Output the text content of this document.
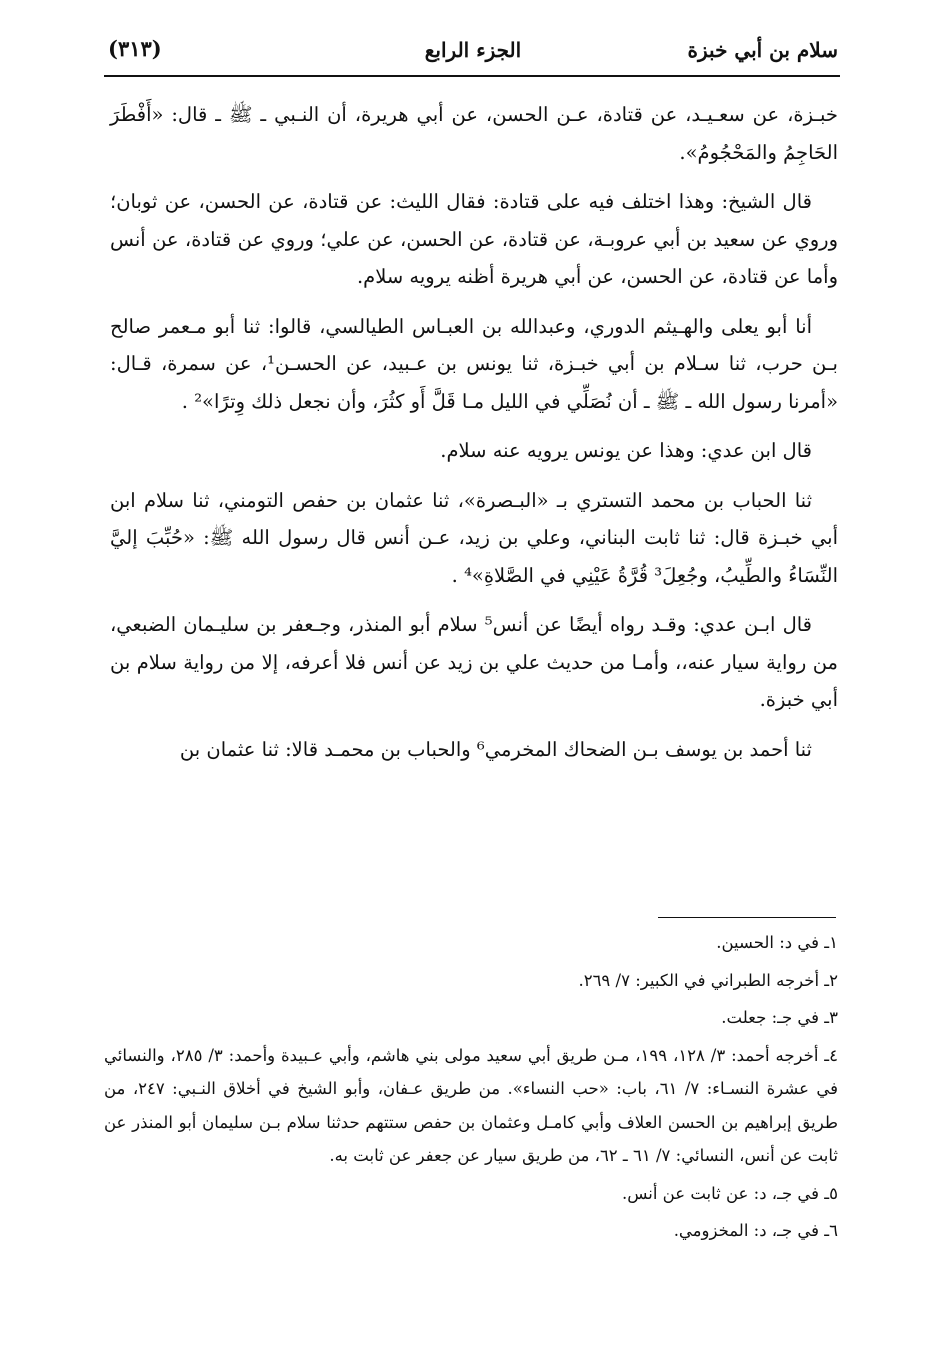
سلام بن أبي خبزة
الجزء الرابع
(٣١٣)

خبـزة، عن سعـيـد، عن قتادة، عـن الحسن، عن أبي هريرة، أن النـبي ـ ﷺ ـ قال: «أَفْطَرَ الحَاجِمُ والمَحْجُومُ».

قال الشيخ: وهذا اختلف فيه على قتادة: فقال الليث: عن قتادة، عن الحسن، عن ثوبان؛ وروي عن سعيد بن أبي عروبـة، عن قتادة، عن الحسن، عن علي؛ وروي عن قتادة، عن أنس وأما عن قتادة، عن الحسن، عن أبي هريرة أظنه يرويه سلام.

أنا أبو يعلى والهـيثم الدوري، وعبدالله بن العبـاس الطيالسي، قالوا: ثنا أبو مـعمر صالح بـن حرب، ثنا سـلام بن أبي خبـزة، ثنا يونس بن عـبيد، عن الحسـن¹، عن سمرة، قـال: «أمرنا رسول الله ـ ﷺ ـ أن نُصَلِّي في الليل مـا قَلَّ أَو كثُرَ، وأن نجعل ذلك وِترًا»² .

قال ابن عدي: وهذا عن يونس يرويه عنه سلام.

ثنا الحباب بن محمد التستري بـ «البـصرة»، ثنا عثمان بن حفص التومني، ثنا سلام ابن أبي خبـزة قال: ثنا ثابت البناني، وعلي بن زيد، عـن أنس قال رسول الله ﷺ: «حُبِّبَ إليَّ النِّسَاءُ والطِّيبُ، وجُعِلَ³ قُرَّةُ عَيْنِي في الصَّلاةِ»⁴ .

قال ابـن عدي: وقـد رواه أيضًا عن أنس⁵ سلام أبو المنذر، وجـعفر بن سليـمان الضبعي، من رواية سيار عنه،، وأمـا من حديث علي بن زيد عن أنس فلا أعرفه، إلا من رواية سلام بن أبي خبزة.

ثنا أحمد بن يوسف بـن الضحاك المخرمي⁶ والحباب بن محمـد قالا: ثنا عثمان بن

١ـ في د: الحسين.
٢ـ أخرجه الطبراني في الكبير: ٧/ ٢٦٩.
٣ـ في جـ: جعلت.
٤ـ أخرجه أحمد: ٣/ ١٢٨، ١٩٩، مـن طريق أبي سعيد مولى بني هاشم، وأبي عـبيدة وأحمد: ٣/ ٢٨٥، والنسائي في عشرة النسـاء: ٧/ ٦١، باب: «حب النساء». من طريق عـفان، وأبو الشيخ في أخلاق النـبي: ٢٤٧، من طريق إبراهيم بن الحسن العلاف وأبي كامـل وعثمان بن حفص ستتهم حدثنا سلام بـن سليمان أبو المنذر عن ثابت عن أنس، النسائي: ٧/ ٦١ ـ ٦٢، من طريق سيار عن جعفر عن ثابت به.
٥ـ في جـ، د: عن ثابت عن أنس.
٦ـ في جـ، د: المخزومي.
